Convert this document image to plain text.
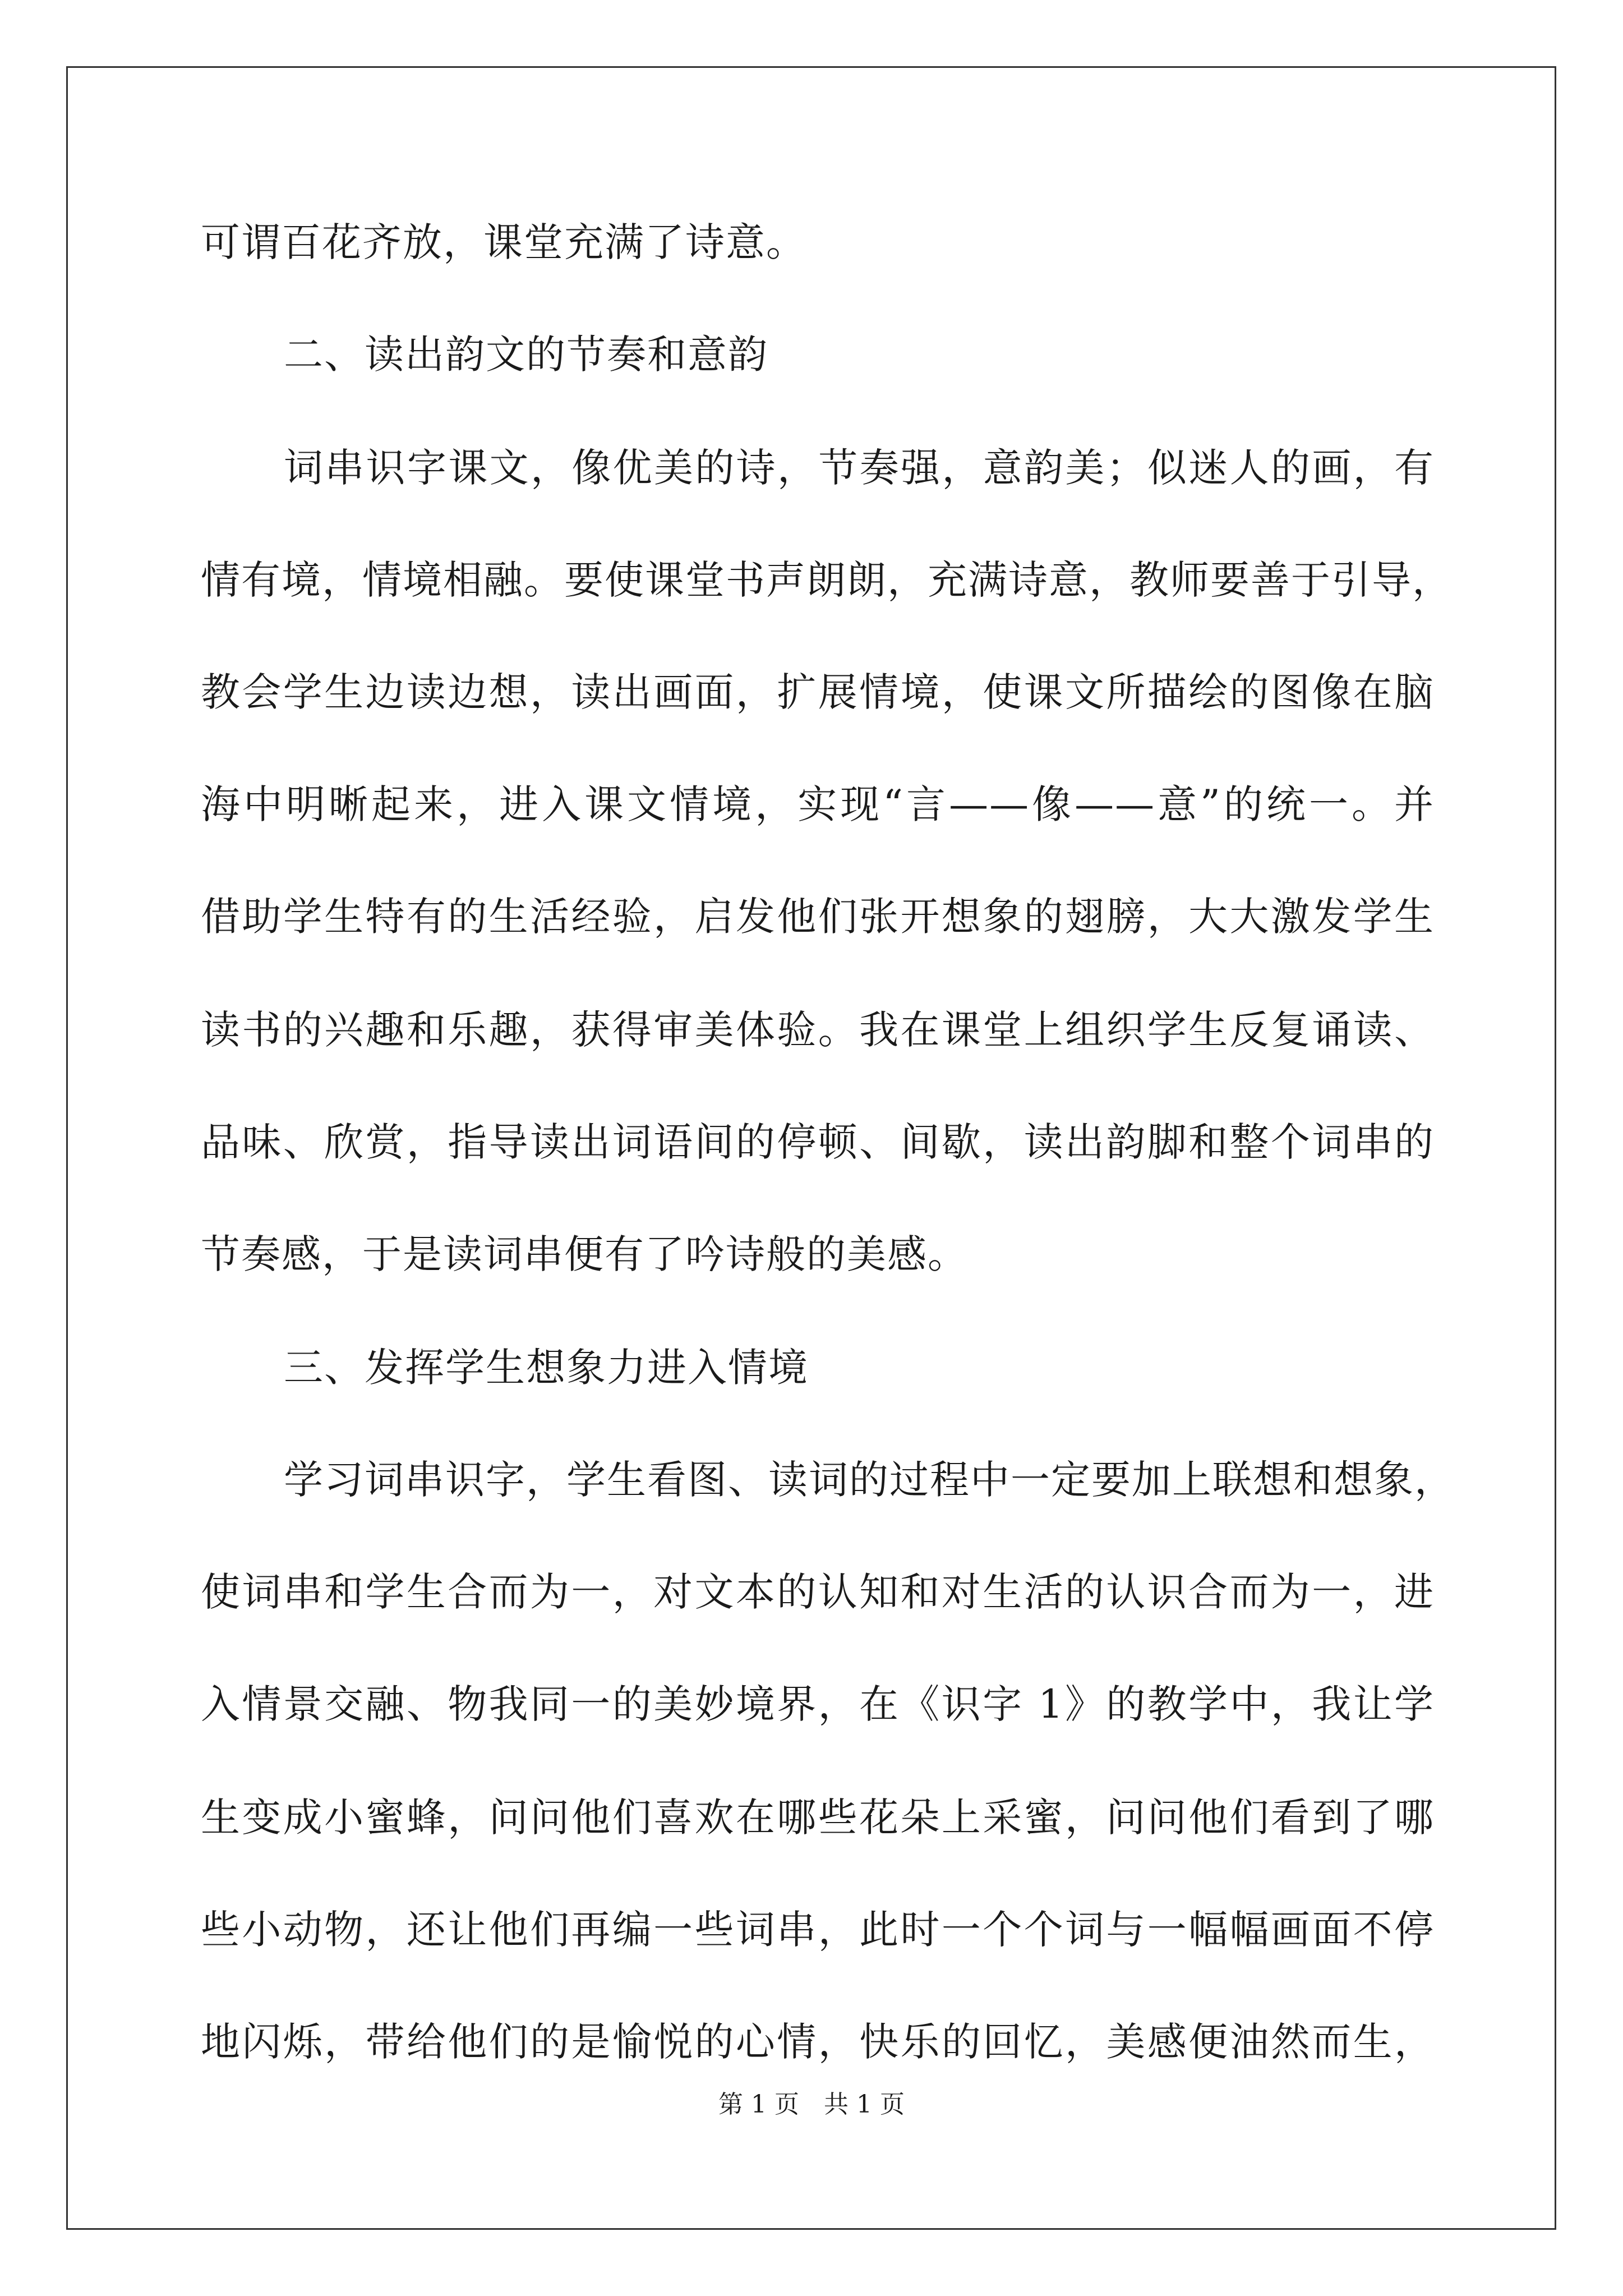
可谓百花齐放，课堂充满了诗意。
二、读出韵文的节奏和意韵
词串识字课文，像优美的诗，节奏强，意韵美；似迷人的画，有
情有境，情境相融。要使课堂书声朗朗，充满诗意，教师要善于引导，
教会学生边读边想，读出画面，扩展情境，使课文所描绘的图像在脑
海中明晰起来，进入课文情境，实现“言——像——意”的统一。并
借助学生特有的生活经验，启发他们张开想象的翅膀，大大激发学生
读书的兴趣和乐趣，获得审美体验。我在课堂上组织学生反复诵读、
品味、欣赏，指导读出词语间的停顿、间歇，读出韵脚和整个词串的
节奏感，于是读词串便有了吟诗般的美感。
三、发挥学生想象力进入情境
学习词串识字，学生看图、读词的过程中一定要加上联想和想象，
使词串和学生合而为一，对文本的认知和对生活的认识合而为一，进
入情景交融、物我同一的美妙境界，在《识字 1》的教学中，我让学
生变成小蜜蜂，问问他们喜欢在哪些花朵上采蜜，问问他们看到了哪
些小动物，还让他们再编一些词串，此时一个个词与一幅幅画面不停
地闪烁，带给他们的是愉悦的心情，快乐的回忆，美感便油然而生，
第 1 页　共 1 页
